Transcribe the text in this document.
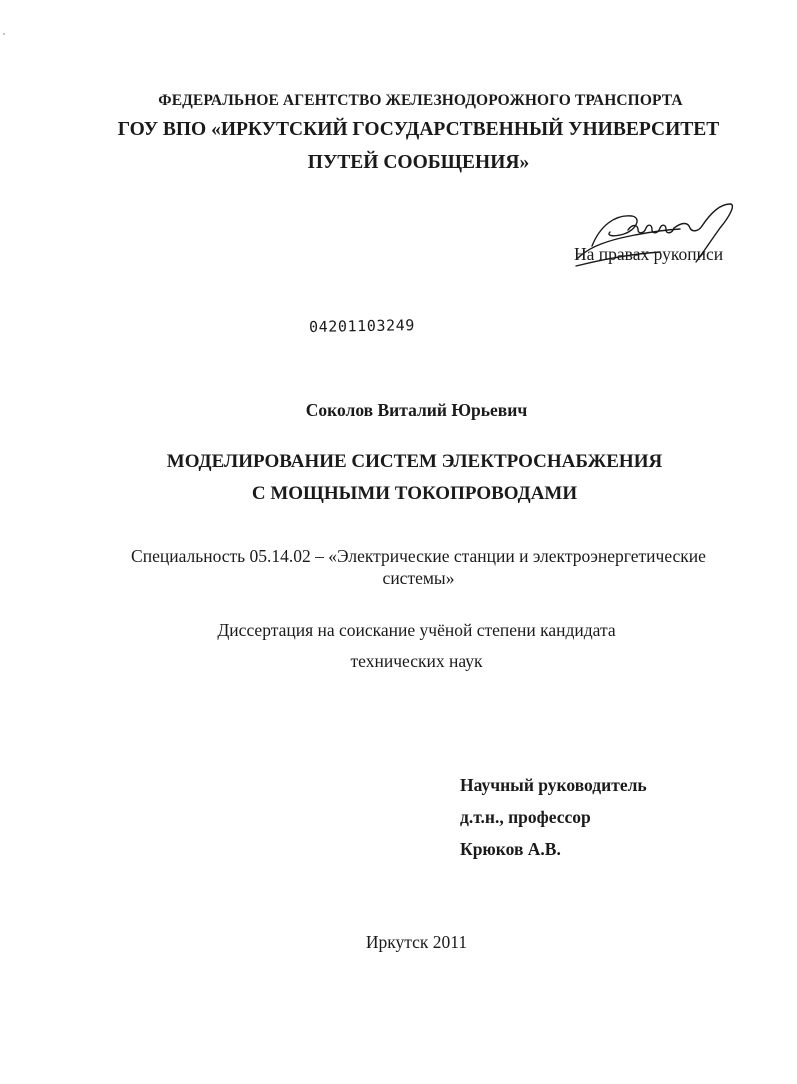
ФЕДЕРАЛЬНОЕ АГЕНТСТВО ЖЕЛЕЗНОДОРОЖНОГО ТРАНСПОРТА
ГОУ ВПО «ИРКУТСКИЙ ГОСУДАРСТВЕННЫЙ УНИВЕРСИТЕТ
ПУТЕЙ СООБЩЕНИЯ»
На правах рукописи
04201103249
Соколов Виталий Юрьевич
МОДЕЛИРОВАНИЕ СИСТЕМ ЭЛЕКТРОСНАБЖЕНИЯ
С МОЩНЫМИ ТОКОПРОВОДАМИ
Специальность 05.14.02 – «Электрические станции и электроэнергетические
системы»
Диссертация на соискание учёной степени кандидата
технических наук
Научный руководитель
д.т.н., профессор
Крюков А.В.
Иркутск 2011
